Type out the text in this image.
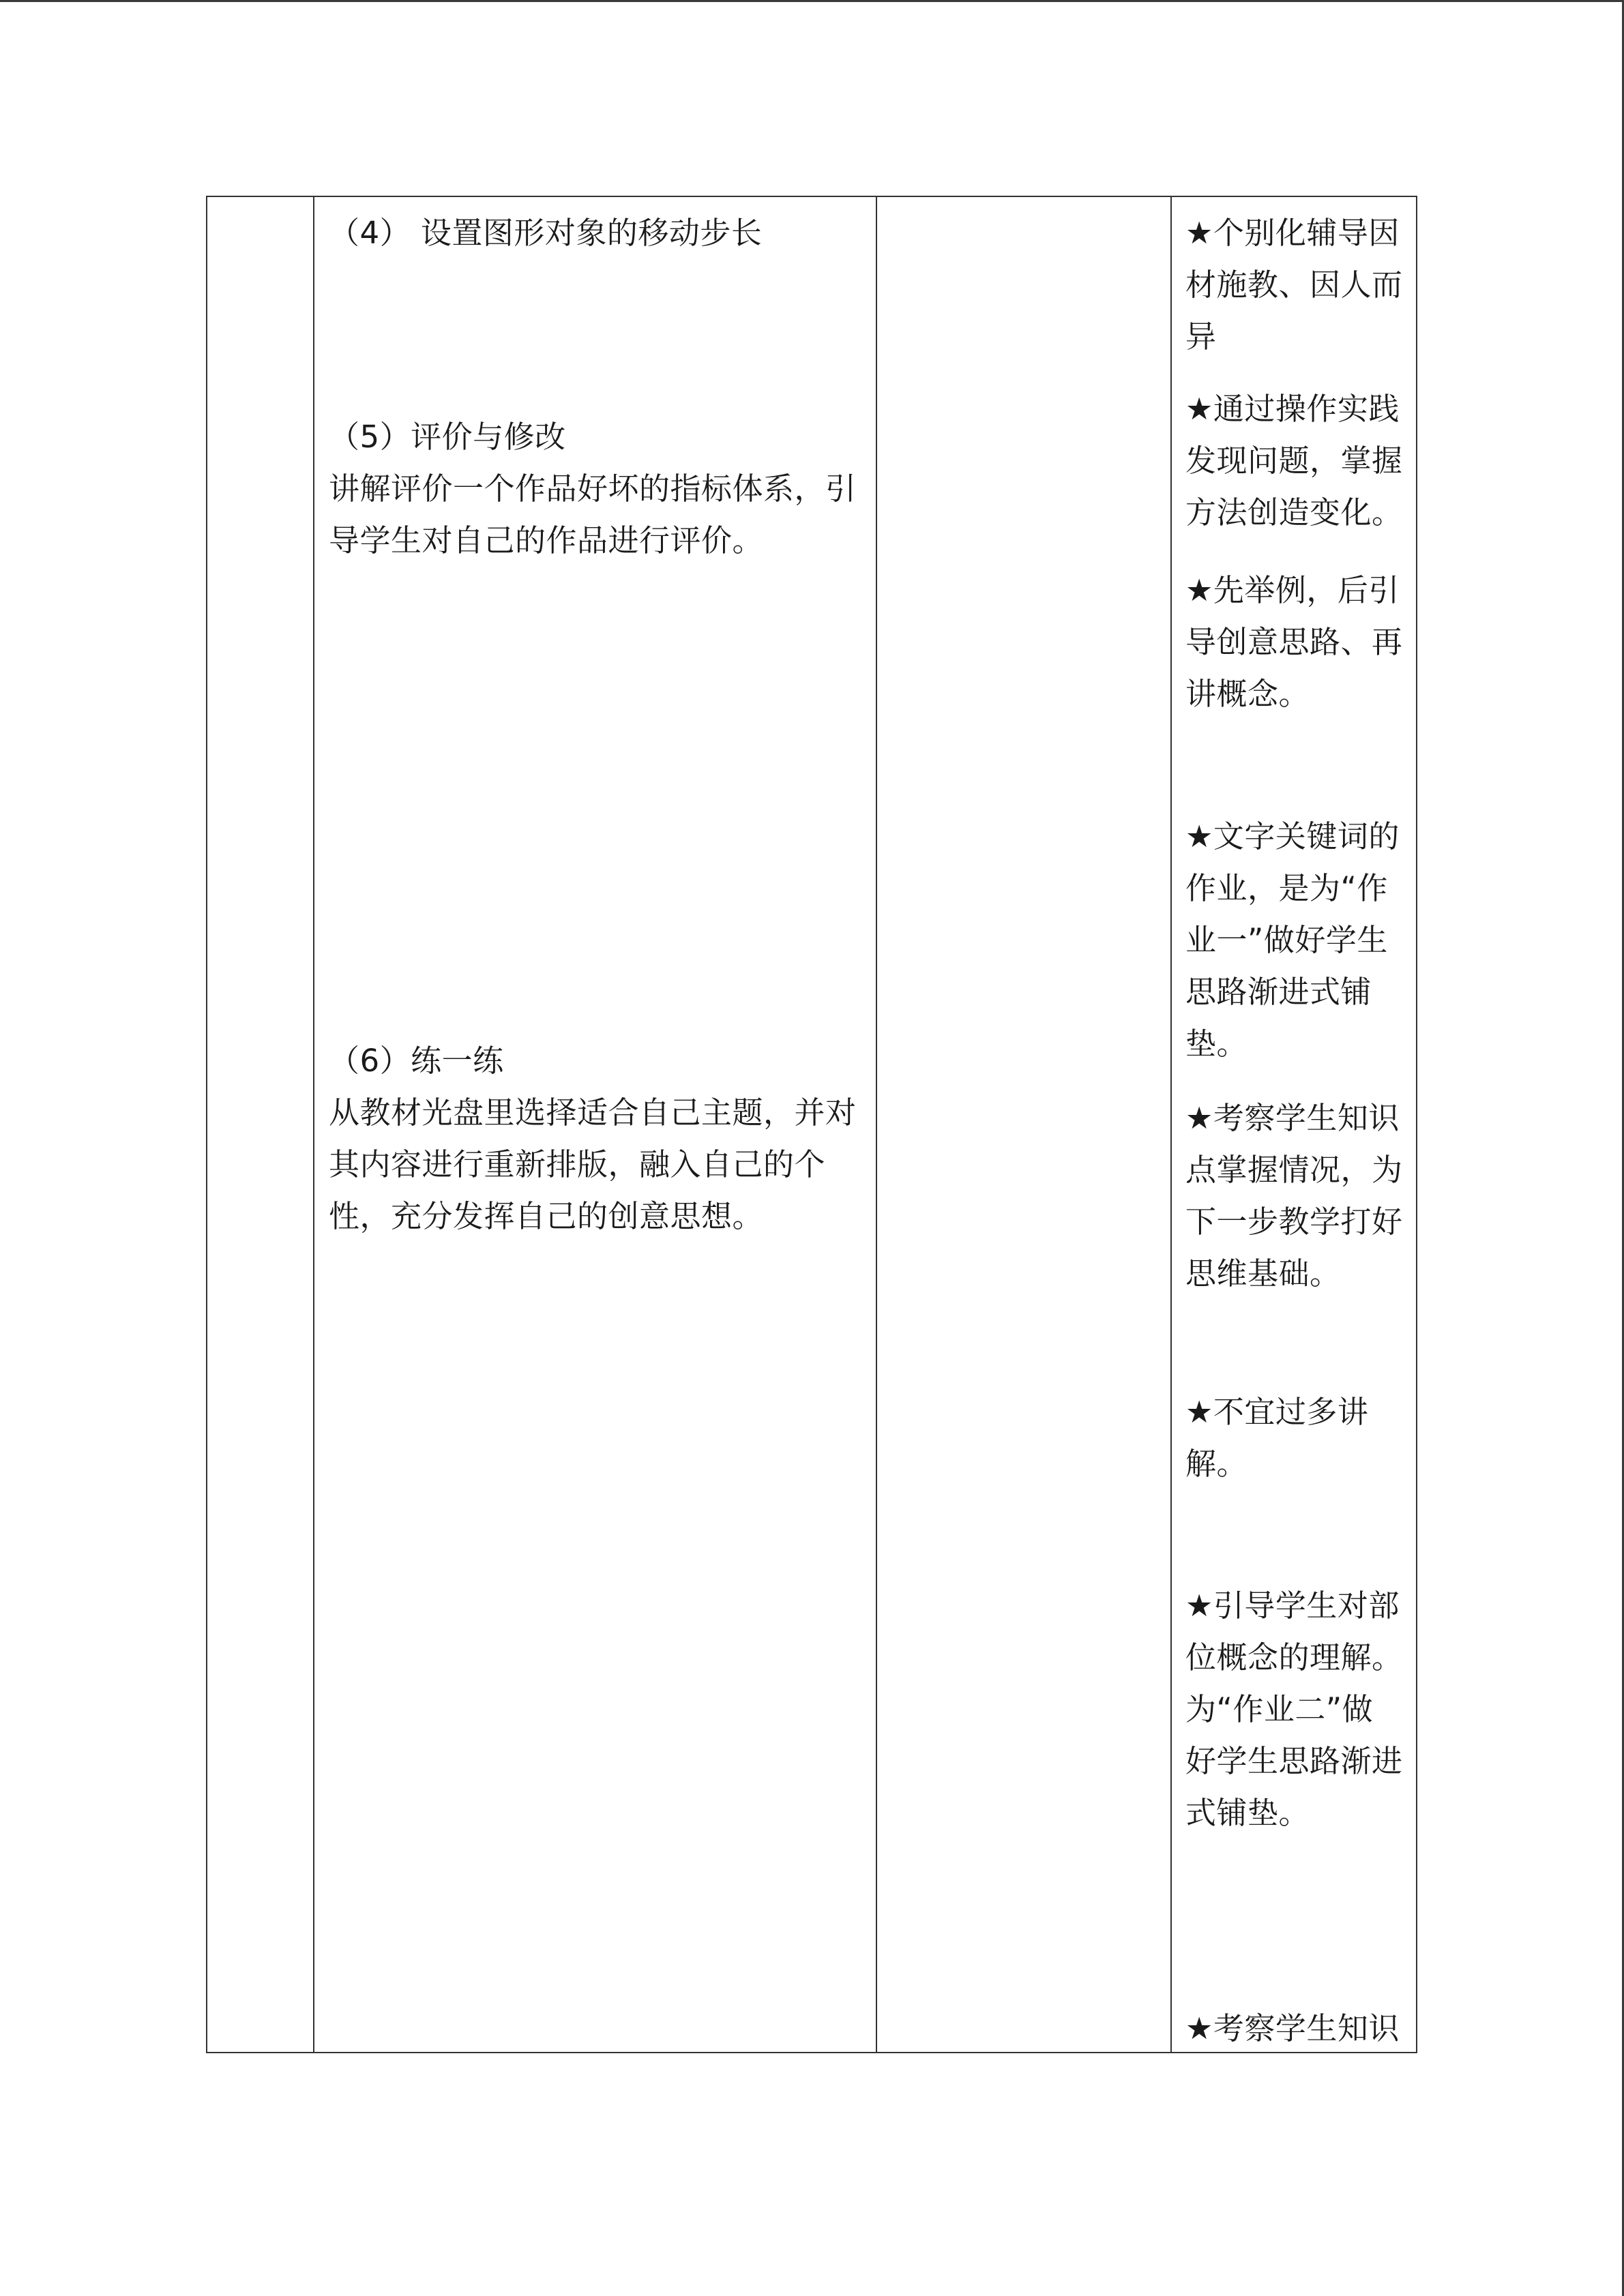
（4） 设置图形对象的移动步长
（5）评价与修改
讲解评价一个作品好坏的指标体系，引
导学生对自己的作品进行评价。
（6）练一练
从教材光盘里选择适合自己主题，并对
其内容进行重新排版，融入自己的个
性，充分发挥自己的创意思想。
★个别化辅导因
材施教、因人而
异
★通过操作实践
发现问题，掌握
方法创造变化。
★先举例，后引
导创意思路、再
讲概念。
★文字关键词的
作业，是为“作
业一”做好学生
思路渐进式铺
垫。
★考察学生知识
点掌握情况，为
下一步教学打好
思维基础。
★不宜过多讲
解。
★引导学生对部
位概念的理解。
为“作业二”做
好学生思路渐进
式铺垫。
★考察学生知识
